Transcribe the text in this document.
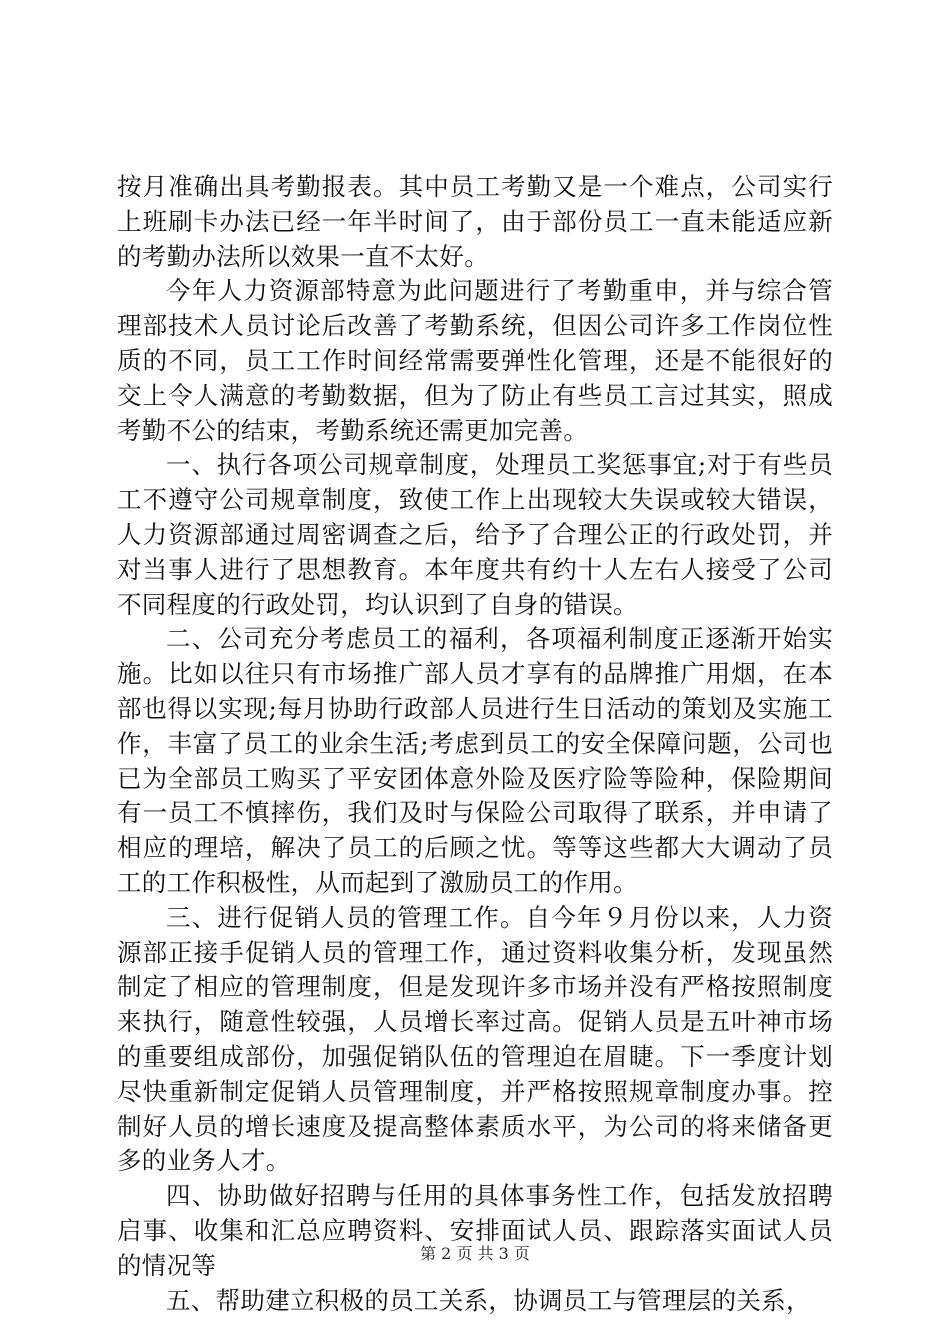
按月准确出具考勤报表。其中员工考勤又是一个难点，公司实行上班刷卡办法已经一年半时间了，由于部份员工一直未能适应新的考勤办法所以效果一直不太好。

今年人力资源部特意为此问题进行了考勤重申，并与综合管理部技术人员讨论后改善了考勤系统，但因公司许多工作岗位性质的不同，员工工作时间经常需要弹性化管理，还是不能很好的交上令人满意的考勤数据，但为了防止有些员工言过其实，照成考勤不公的结束，考勤系统还需更加完善。

一、执行各项公司规章制度，处理员工奖惩事宜;对于有些员工不遵守公司规章制度，致使工作上出现较大失误或较大错误，人力资源部通过周密调查之后，给予了合理公正的行政处罚，并对当事人进行了思想教育。本年度共有约十人左右人接受了公司不同程度的行政处罚，均认识到了自身的错误。

二、公司充分考虑员工的福利，各项福利制度正逐渐开始实施。比如以往只有市场推广部人员才享有的品牌推广用烟，在本部也得以实现;每月协助行政部人员进行生日活动的策划及实施工作，丰富了员工的业余生活;考虑到员工的安全保障问题，公司也已为全部员工购买了平安团体意外险及医疗险等险种，保险期间有一员工不慎摔伤，我们及时与保险公司取得了联系，并申请了相应的理培，解决了员工的后顾之忧。等等这些都大大调动了员工的工作积极性，从而起到了激励员工的作用。

三、进行促销人员的管理工作。自今年９月份以来，人力资源部正接手促销人员的管理工作，通过资料收集分析，发现虽然制定了相应的管理制度，但是发现许多市场并没有严格按照制度来执行，随意性较强，人员增长率过高。促销人员是五叶神市场的重要组成部份，加强促销队伍的管理迫在眉睫。下一季度计划尽快重新制定促销人员管理制度，并严格按照规章制度办事。控制好人员的增长速度及提高整体素质水平，为公司的将来储备更多的业务人才。

四、协助做好招聘与任用的具体事务性工作，包括发放招聘启事、收集和汇总应聘资料、安排面试人员、跟踪落实面试人员的情况等

五、帮助建立积极的员工关系，协调员工与管理层的关系，

第 2 页 共 3 页
